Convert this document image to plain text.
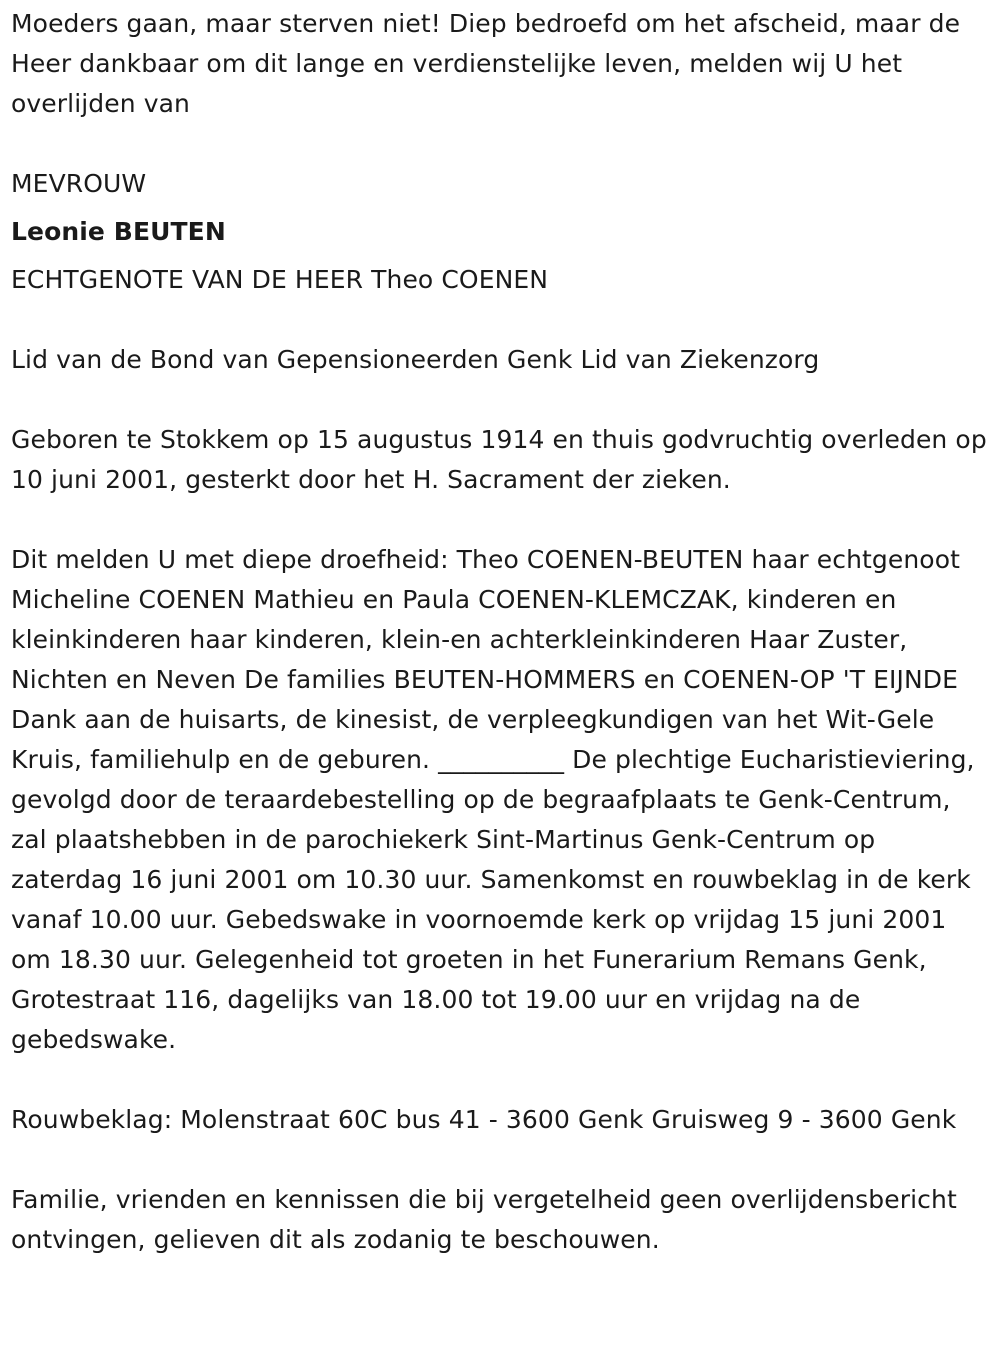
Moeders gaan, maar sterven niet! Diep bedroefd om het afscheid, maar de Heer dankbaar om dit lange en verdienstelijke leven, melden wij U het overlijden van

MEVROUW

Leonie BEUTEN

ECHTGENOTE VAN DE HEER Theo COENEN

Lid van de Bond van Gepensioneerden Genk Lid van Ziekenzorg

Geboren te Stokkem op 15 augustus 1914 en thuis godvruchtig overleden op 10 juni 2001, gesterkt door het H. Sacrament der zieken.

Dit melden U met diepe droefheid: Theo COENEN-BEUTEN haar echtgenoot Micheline COENEN Mathieu en Paula COENEN-KLEMCZAK, kinderen en kleinkinderen haar kinderen, klein-en achterkleinkinderen Haar Zuster, Nichten en Neven De families BEUTEN-HOMMERS en COENEN-OP 'T EIJNDE Dank aan de huisarts, de kinesist, de verpleegkundigen van het Wit-Gele Kruis, familiehulp en de geburen. __________ De plechtige Eucharistieviering, gevolgd door de teraardebestelling op de begraafplaats te Genk-Centrum, zal plaatshebben in de parochiekerk Sint-Martinus Genk-Centrum op zaterdag 16 juni 2001 om 10.30 uur. Samenkomst en rouwbeklag in de kerk vanaf 10.00 uur. Gebedswake in voornoemde kerk op vrijdag 15 juni 2001 om 18.30 uur. Gelegenheid tot groeten in het Funerarium Remans Genk, Grotestraat 116, dagelijks van 18.00 tot 19.00 uur en vrijdag na de gebedswake.

Rouwbeklag: Molenstraat 60C bus 41 - 3600 Genk Gruisweg 9 - 3600 Genk

Familie, vrienden en kennissen die bij vergetelheid geen overlijdensbericht ontvingen, gelieven dit als zodanig te beschouwen.
